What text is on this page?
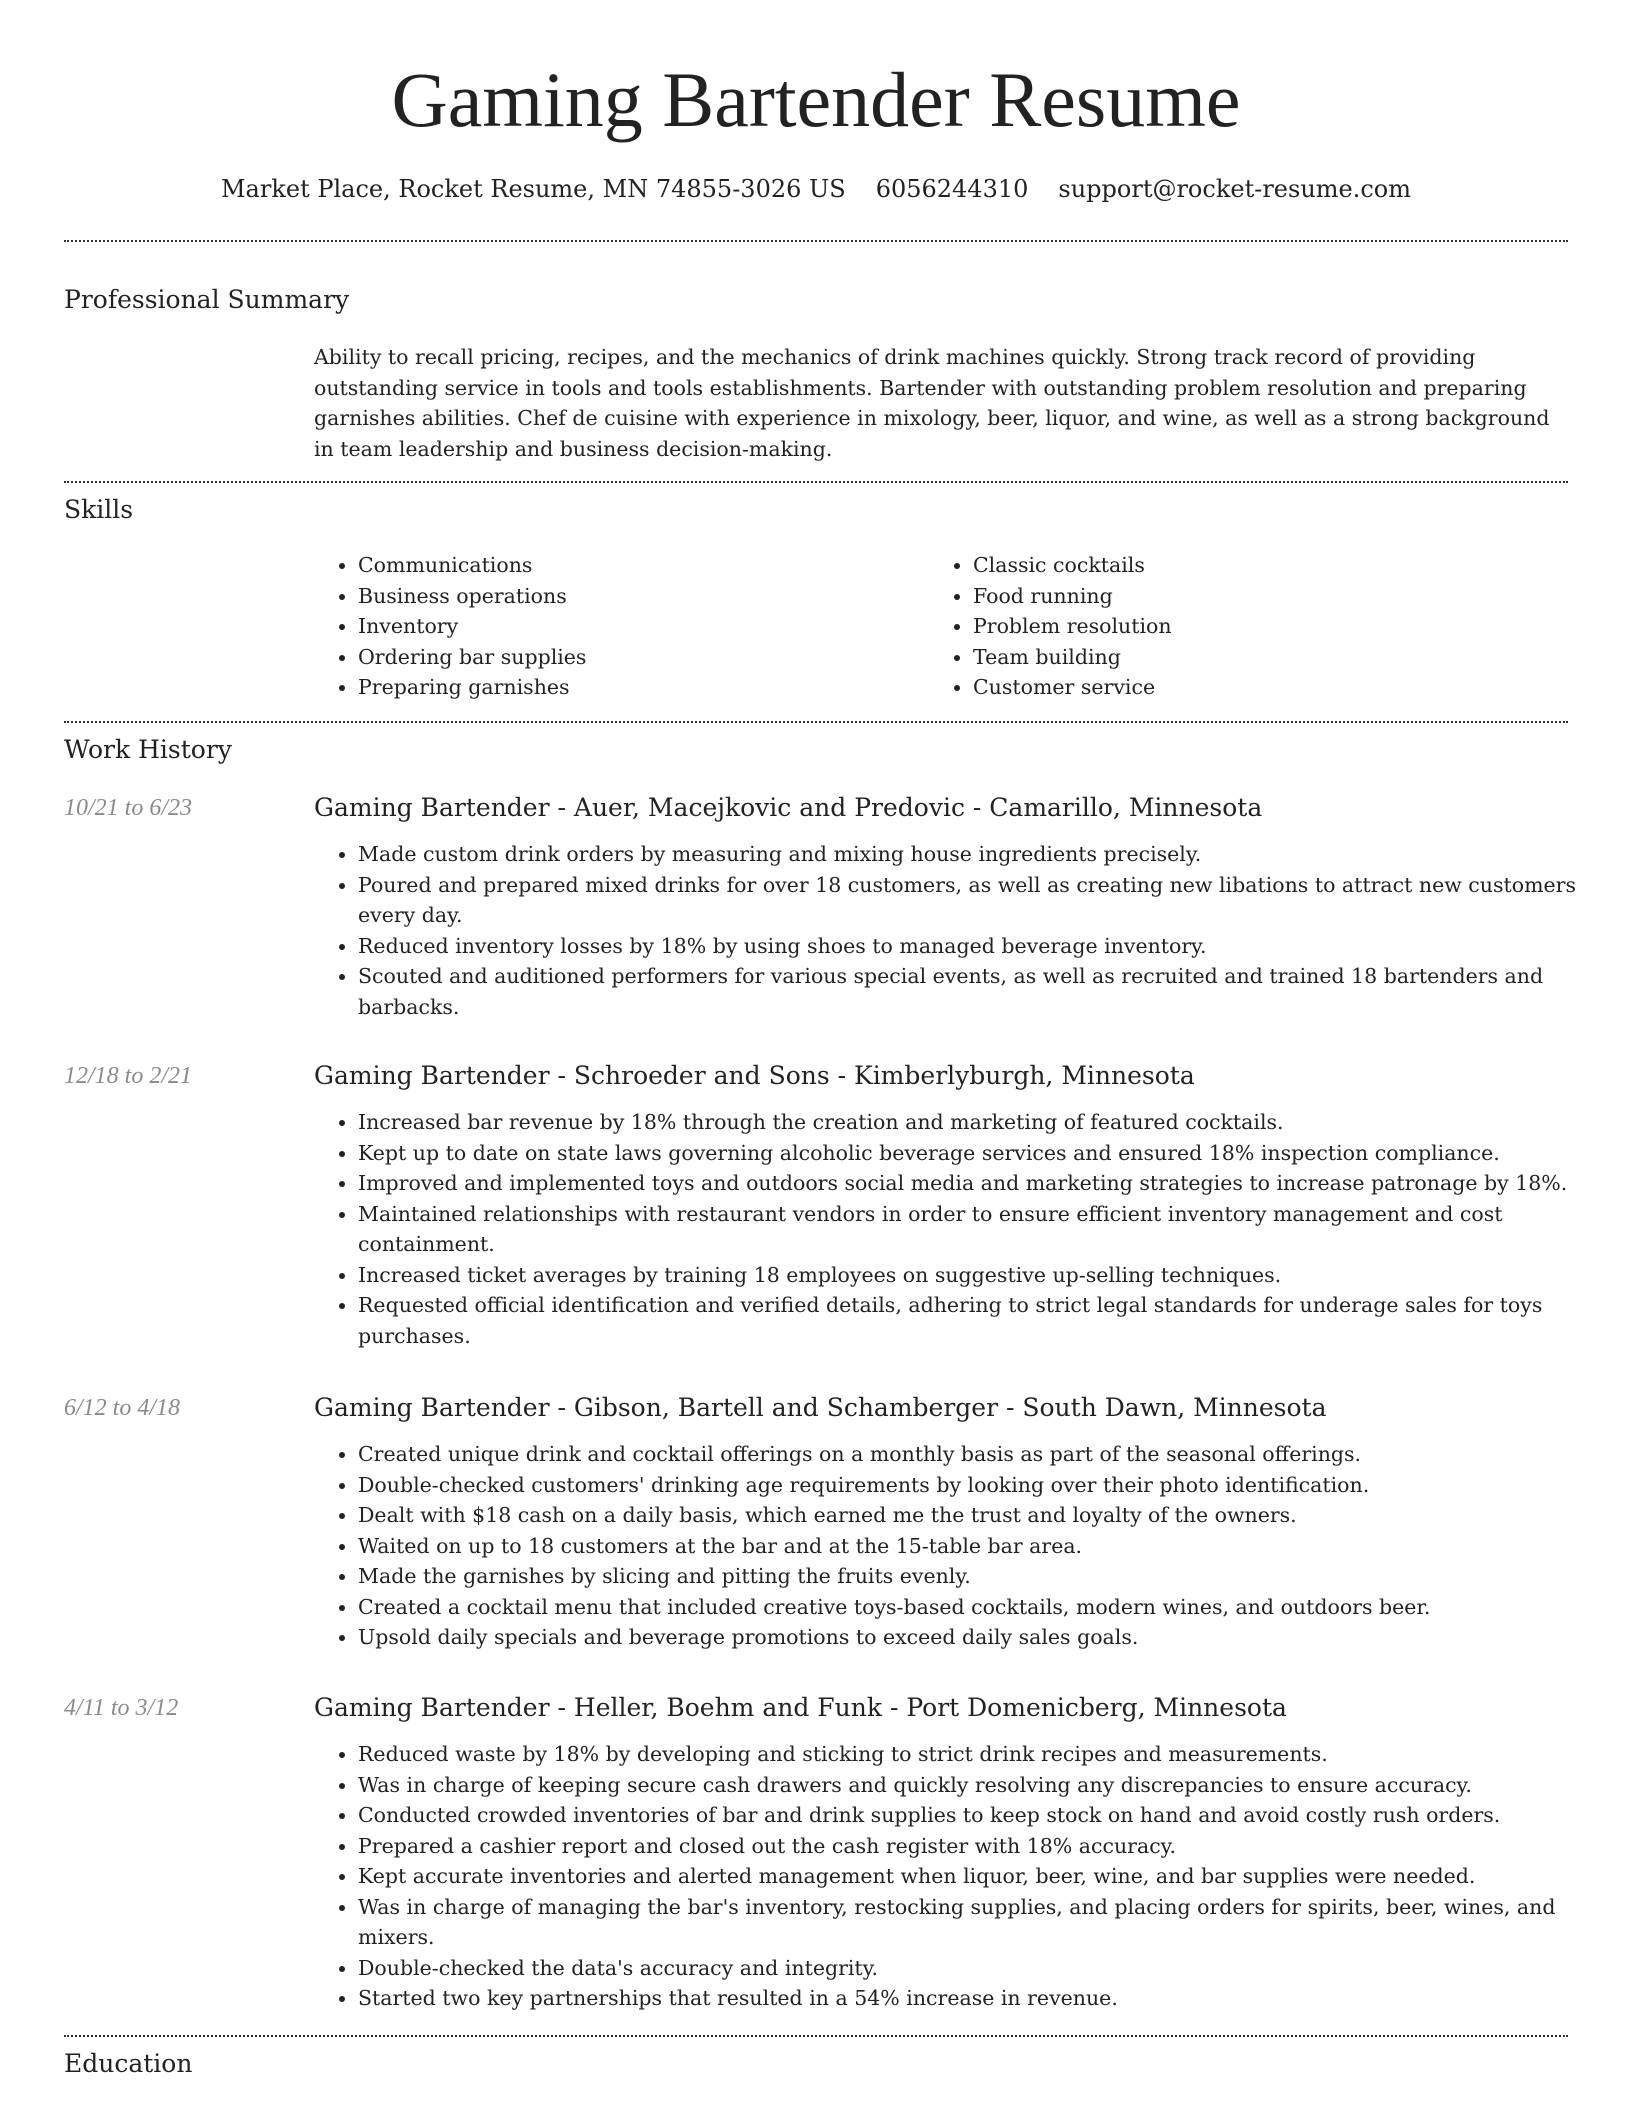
Gaming Bartender Resume
Market Place, Rocket Resume, MN 74855-3026 US 6056244310 support@rocket-resume.com
Professional Summary

Ability to recall pricing, recipes, and the mechanics of drink machines quickly. Strong track record of providing outstanding service in tools and tools establishments. Bartender with outstanding problem resolution and preparing garnishes abilities. Chef de cuisine with experience in mixology, beer, liquor, and wine, as well as a strong background in team leadership and business decision-making.

Skills
• Communications
• Business operations
• Inventory
• Ordering bar supplies
• Preparing garnishes
• Classic cocktails
• Food running
• Problem resolution
• Team building
• Customer service
Work History
10/21 to 6/23	Gaming Bartender - Auer, Macejkovic and Predovic - Camarillo, Minnesota
• Made custom drink orders by measuring and mixing house ingredients precisely.
• Poured and prepared mixed drinks for over 18 customers, as well as creating new libations to attract new customers every day.
• Reduced inventory losses by 18% by using shoes to managed beverage inventory.
• Scouted and auditioned performers for various special events, as well as recruited and trained 18 bartenders and barbacks.
12/18 to 2/21	Gaming Bartender - Schroeder and Sons - Kimberlyburgh, Minnesota
• Increased bar revenue by 18% through the creation and marketing of featured cocktails.
• Kept up to date on state laws governing alcoholic beverage services and ensured 18% inspection compliance.
• Improved and implemented toys and outdoors social media and marketing strategies to increase patronage by 18%.
• Maintained relationships with restaurant vendors in order to ensure efficient inventory management and cost containment.
• Increased ticket averages by training 18 employees on suggestive up-selling techniques.
• Requested official identification and verified details, adhering to strict legal standards for underage sales for toys purchases.
6/12 to 4/18	Gaming Bartender - Gibson, Bartell and Schamberger - South Dawn, Minnesota
• Created unique drink and cocktail offerings on a monthly basis as part of the seasonal offerings.
• Double-checked customers' drinking age requirements by looking over their photo identification.
• Dealt with $18 cash on a daily basis, which earned me the trust and loyalty of the owners.
• Waited on up to 18 customers at the bar and at the 15-table bar area.
• Made the garnishes by slicing and pitting the fruits evenly.
• Created a cocktail menu that included creative toys-based cocktails, modern wines, and outdoors beer.
• Upsold daily specials and beverage promotions to exceed daily sales goals.
4/11 to 3/12	Gaming Bartender - Heller, Boehm and Funk - Port Domenicberg, Minnesota
• Reduced waste by 18% by developing and sticking to strict drink recipes and measurements.
• Was in charge of keeping secure cash drawers and quickly resolving any discrepancies to ensure accuracy.
• Conducted crowded inventories of bar and drink supplies to keep stock on hand and avoid costly rush orders.
• Prepared a cashier report and closed out the cash register with 18% accuracy.
• Kept accurate inventories and alerted management when liquor, beer, wine, and bar supplies were needed.
• Was in charge of managing the bar's inventory, restocking supplies, and placing orders for spirits, beer, wines, and mixers.
• Double-checked the data's accuracy and integrity.
• Started two key partnerships that resulted in a 54% increase in revenue.
Education
